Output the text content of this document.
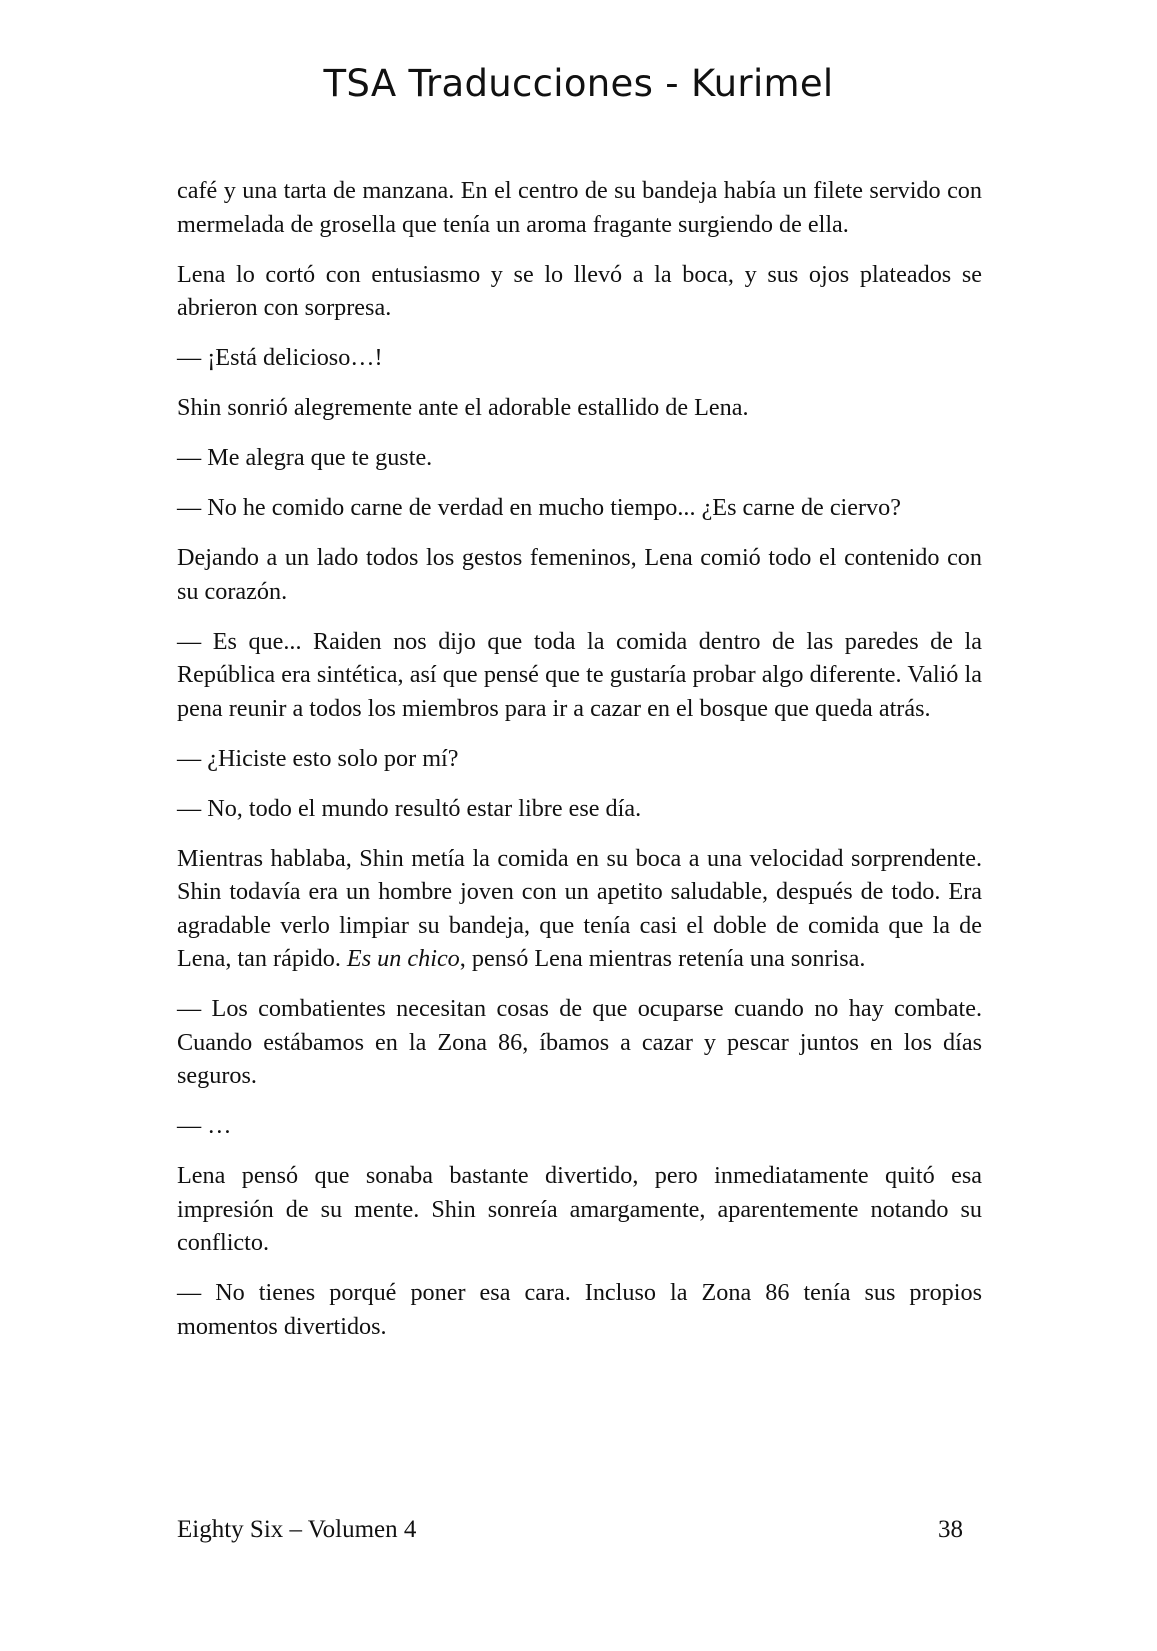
TSA Traducciones - Kurimel

café y una tarta de manzana. En el centro de su bandeja había un filete servido con mermelada de grosella que tenía un aroma fragante surgiendo de ella.

Lena lo cortó con entusiasmo y se lo llevó a la boca, y sus ojos plateados se abrieron con sorpresa.

— ¡Está delicioso…!

Shin sonrió alegremente ante el adorable estallido de Lena.

— Me alegra que te guste.

— No he comido carne de verdad en mucho tiempo... ¿Es carne de ciervo?

Dejando a un lado todos los gestos femeninos, Lena comió todo el contenido con su corazón.

— Es que... Raiden nos dijo que toda la comida dentro de las paredes de la República era sintética, así que pensé que te gustaría probar algo diferente. Valió la pena reunir a todos los miembros para ir a cazar en el bosque que queda atrás.

— ¿Hiciste esto solo por mí?

— No, todo el mundo resultó estar libre ese día.

Mientras hablaba, Shin metía la comida en su boca a una velocidad sorprendente. Shin todavía era un hombre joven con un apetito saludable, después de todo. Era agradable verlo limpiar su bandeja, que tenía casi el doble de comida que la de Lena, tan rápido. Es un chico, pensó Lena mientras retenía una sonrisa.

— Los combatientes necesitan cosas de que ocuparse cuando no hay combate. Cuando estábamos en la Zona 86, íbamos a cazar y pescar juntos en los días seguros.

— …

Lena pensó que sonaba bastante divertido, pero inmediatamente quitó esa impresión de su mente. Shin sonreía amargamente, aparentemente notando su conflicto.

— No tienes porqué poner esa cara. Incluso la Zona 86 tenía sus propios momentos divertidos.

Eighty Six – Volumen 4	38
